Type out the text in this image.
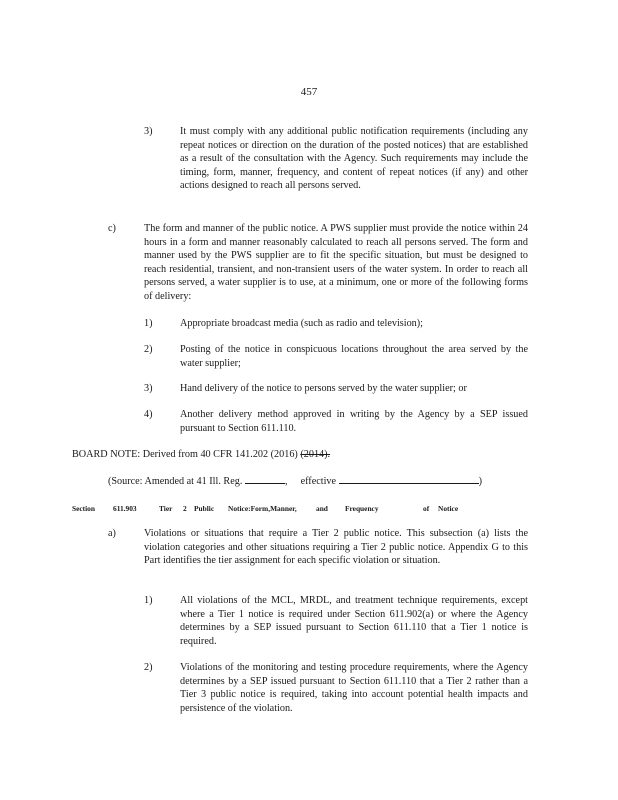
457
3)	It must comply with any additional public notification requirements (including any repeat notices or direction on the duration of the posted notices) that are established as a result of the consultation with the Agency. Such requirements may include the timing, form, manner, frequency, and content of repeat notices (if any) and other actions designed to reach all persons served.
c)	The form and manner of the public notice. A PWS supplier must provide the notice within 24 hours in a form and manner reasonably calculated to reach all persons served. The form and manner used by the PWS supplier are to fit the specific situation, but must be designed to reach residential, transient, and non-transient users of the water system. In order to reach all persons served, a water supplier is to use, at a minimum, one or more of the following forms of delivery:
1)	Appropriate broadcast media (such as radio and television);
2)	Posting of the notice in conspicuous locations throughout the area served by the water supplier;
3)	Hand delivery of the notice to persons served by the water supplier; or
4)	Another delivery method approved in writing by the Agency by a SEP issued pursuant to Section 611.110.
BOARD NOTE: Derived from 40 CFR 141.202 (2016) (2014).
(Source: Amended at 41 Ill. Reg.	, effective	)
Section 611.903	Tier 2 Public Notice:Form,Manner,	and Frequency	of Notice
a)	Violations or situations that require a Tier 2 public notice. This subsection (a) lists the violation categories and other situations requiring a Tier 2 public notice. Appendix G to this Part identifies the tier assignment for each specific violation or situation.
1)	All violations of the MCL, MRDL, and treatment technique requirements, except where a Tier 1 notice is required under Section 611.902(a) or where the Agency determines by a SEP issued pursuant to Section 611.110 that a Tier 1 notice is required.
2)	Violations of the monitoring and testing procedure requirements, where the Agency determines by a SEP issued pursuant to Section 611.110 that a Tier 2 rather than a Tier 3 public notice is required, taking into account potential health impacts and persistence of the violation.
